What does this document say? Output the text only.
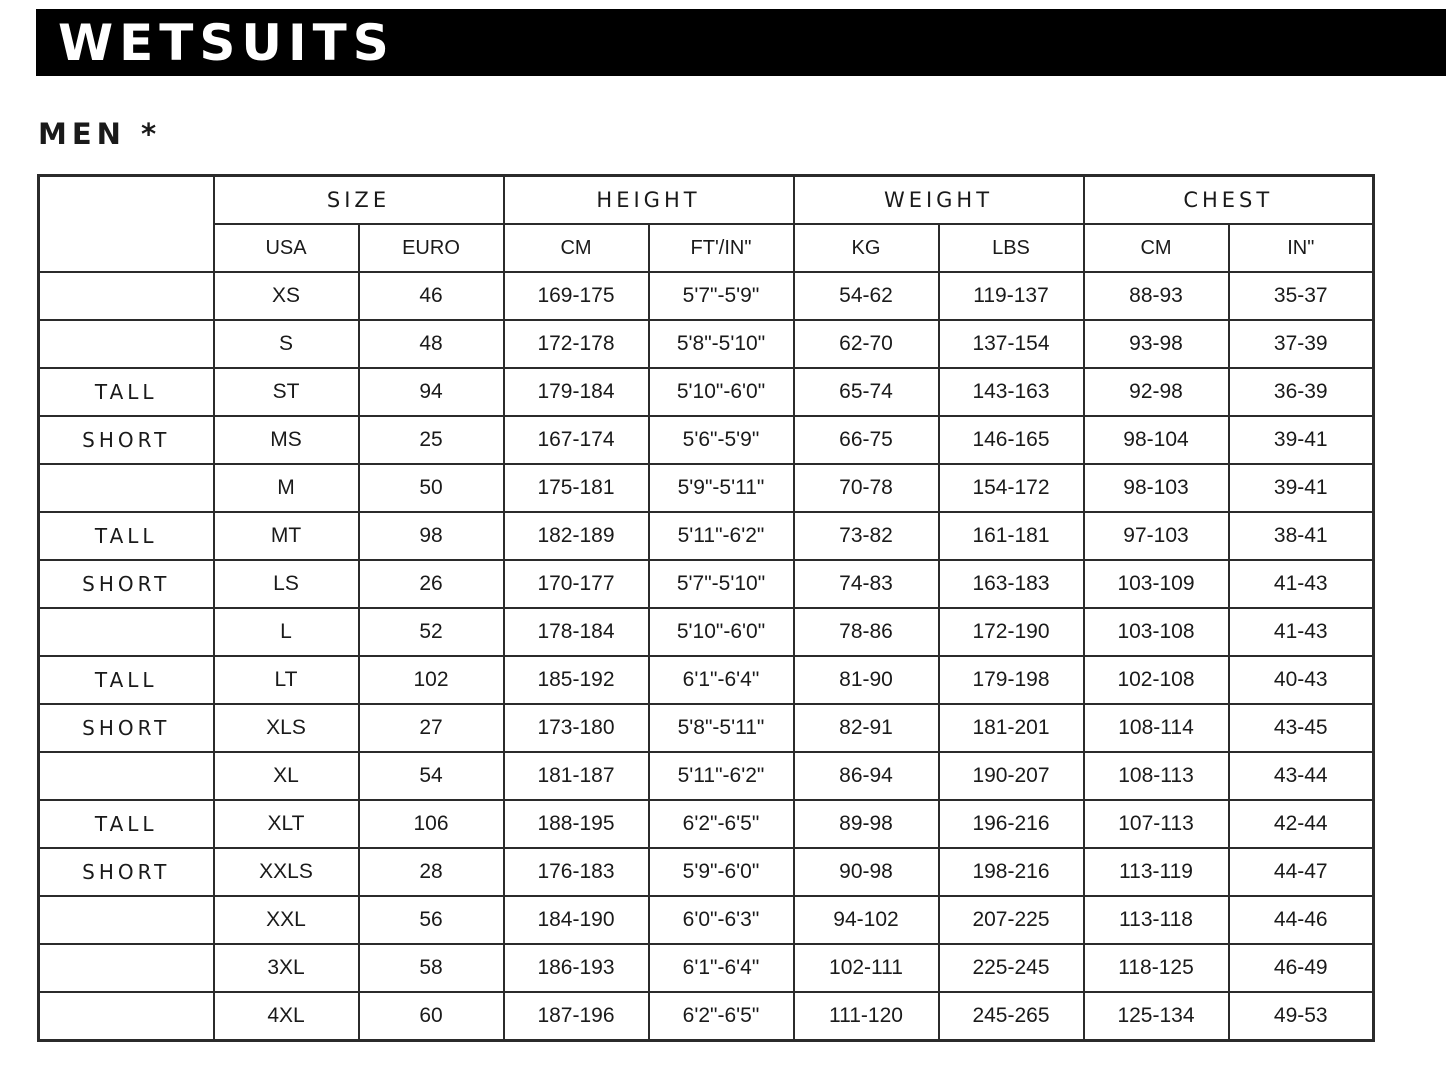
WETSUITS
MEN *
	SIZE		HEIGHT		WEIGHT		CHEST	
	USA	EURO	CM	FT'/IN"	KG	LBS	CM	IN"
	XS	46	169-175	5'7"-5'9"	54-62	119-137	88-93	35-37
	S	48	172-178	5'8"-5'10"	62-70	137-154	93-98	37-39
TALL	ST	94	179-184	5'10"-6'0"	65-74	143-163	92-98	36-39
SHORT	MS	25	167-174	5'6"-5'9"	66-75	146-165	98-104	39-41
	M	50	175-181	5'9"-5'11"	70-78	154-172	98-103	39-41
TALL	MT	98	182-189	5'11"-6'2"	73-82	161-181	97-103	38-41
SHORT	LS	26	170-177	5'7"-5'10"	74-83	163-183	103-109	41-43
	L	52	178-184	5'10"-6'0"	78-86	172-190	103-108	41-43
TALL	LT	102	185-192	6'1"-6'4"	81-90	179-198	102-108	40-43
SHORT	XLS	27	173-180	5'8"-5'11"	82-91	181-201	108-114	43-45
	XL	54	181-187	5'11"-6'2"	86-94	190-207	108-113	43-44
TALL	XLT	106	188-195	6'2"-6'5"	89-98	196-216	107-113	42-44
SHORT	XXLS	28	176-183	5'9"-6'0"	90-98	198-216	113-119	44-47
	XXL	56	184-190	6'0"-6'3"	94-102	207-225	113-118	44-46
	3XL	58	186-193	6'1"-6'4"	102-111	225-245	118-125	46-49
	4XL	60	187-196	6'2"-6'5"	111-120	245-265	125-134	49-53
